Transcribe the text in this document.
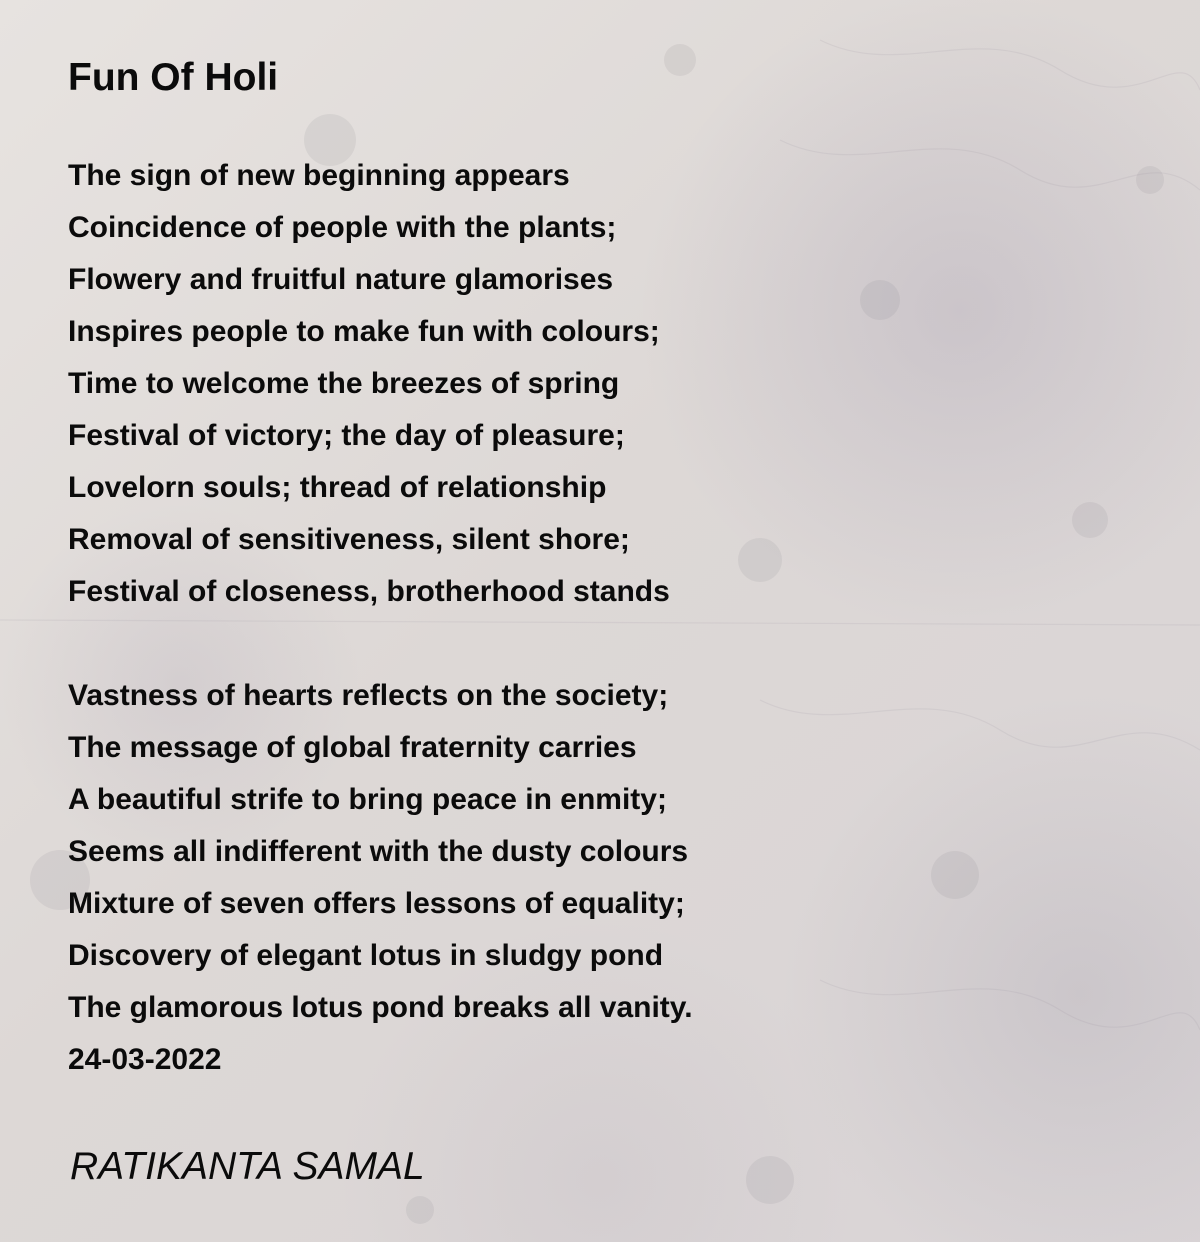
Fun Of Holi
The sign of new beginning appears
Coincidence of people with the plants;
Flowery and fruitful nature glamorises
Inspires people to make fun with colours;
Time to welcome the breezes of spring
Festival of victory; the day of pleasure;
Lovelorn souls; thread of relationship
Removal of sensitiveness, silent shore;
Festival of closeness, brotherhood stands
Vastness of hearts reflects on the society;
The message of global fraternity carries
A beautiful strife to bring peace in enmity;
Seems all indifferent with the dusty colours
Mixture of seven offers lessons of equality;
Discovery of elegant lotus in sludgy pond
The glamorous lotus pond breaks all vanity.
24-03-2022

RATIKANTA SAMAL
